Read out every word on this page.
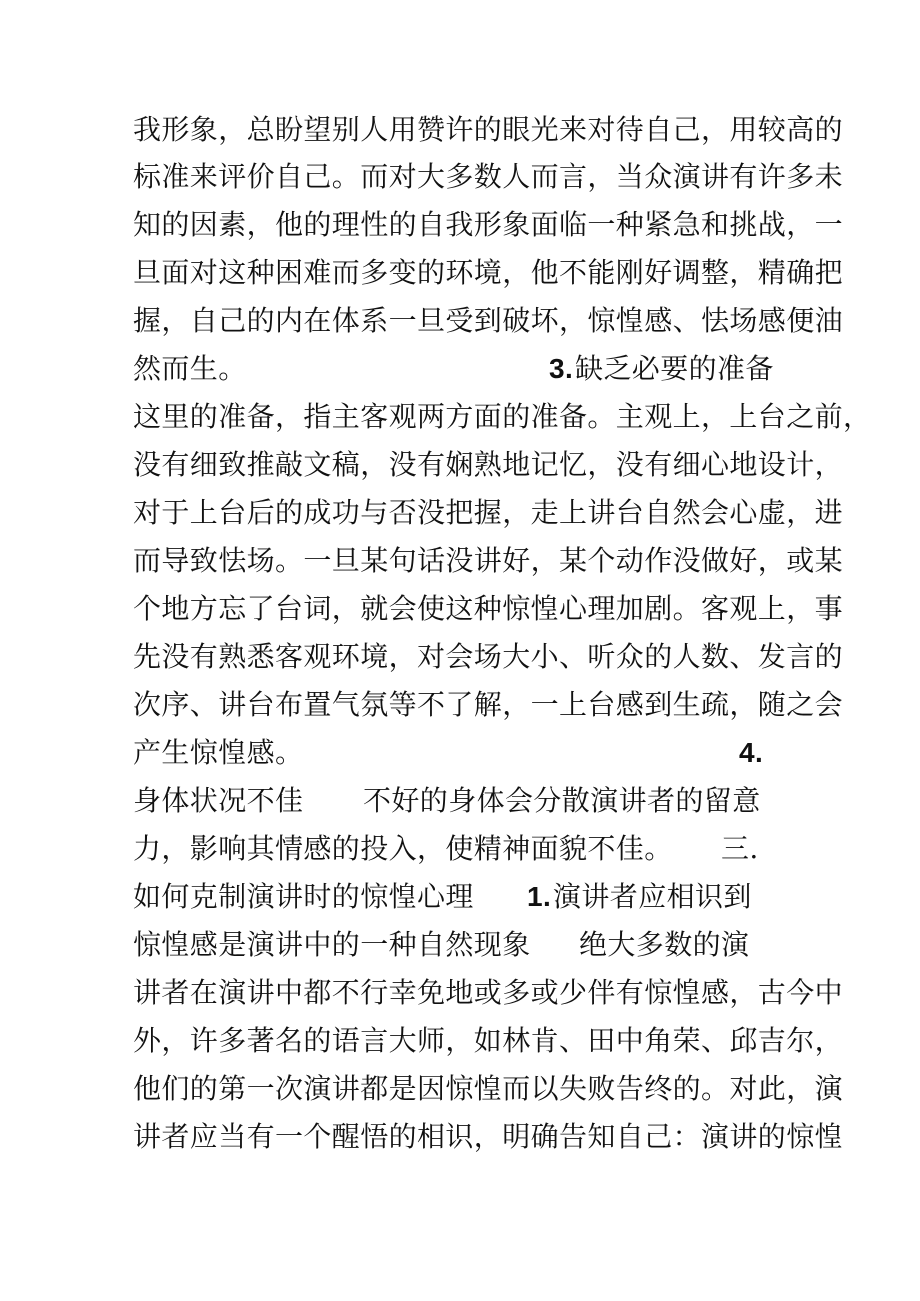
我形象，总盼望别人用赞许的眼光来对待自己，用较高的
标准来评价自己。而对大多数人而言，当众演讲有许多未
知的因素，他的理性的自我形象面临一种紧急和挑战，一
旦面对这种困难而多变的环境，他不能刚好调整，精确把
握，自己的内在体系一旦受到破坏，惊惶感、怯场感便油
然而生。	3. 缺乏必要的准备
这里的准备，指主客观两方面的准备。主观上，上台之前，
没有细致推敲文稿，没有娴熟地记忆，没有细心地设计，
对于上台后的成功与否没把握，走上讲台自然会心虚，进
而导致怯场。一旦某句话没讲好，某个动作没做好，或某
个地方忘了台词，就会使这种惊惶心理加剧。客观上，事
先没有熟悉客观环境，对会场大小、听众的人数、发言的
次序、讲台布置气氛等不了解，一上台感到生疏，随之会
产生惊惶感。	4.
身体状况不佳 不好的身体会分散演讲者的留意
力，影响其情感的投入，使精神面貌不佳。 三.
如何克制演讲时的惊惶心理 1. 演讲者应相识到
惊惶感是演讲中的一种自然现象 绝大多数的演
讲者在演讲中都不行幸免地或多或少伴有惊惶感，古今中
外，许多著名的语言大师，如林肯、田中角荣、邱吉尔，
他们的第一次演讲都是因惊惶而以失败告终的。对此，演
讲者应当有一个醒悟的相识，明确告知自己：演讲的惊惶
